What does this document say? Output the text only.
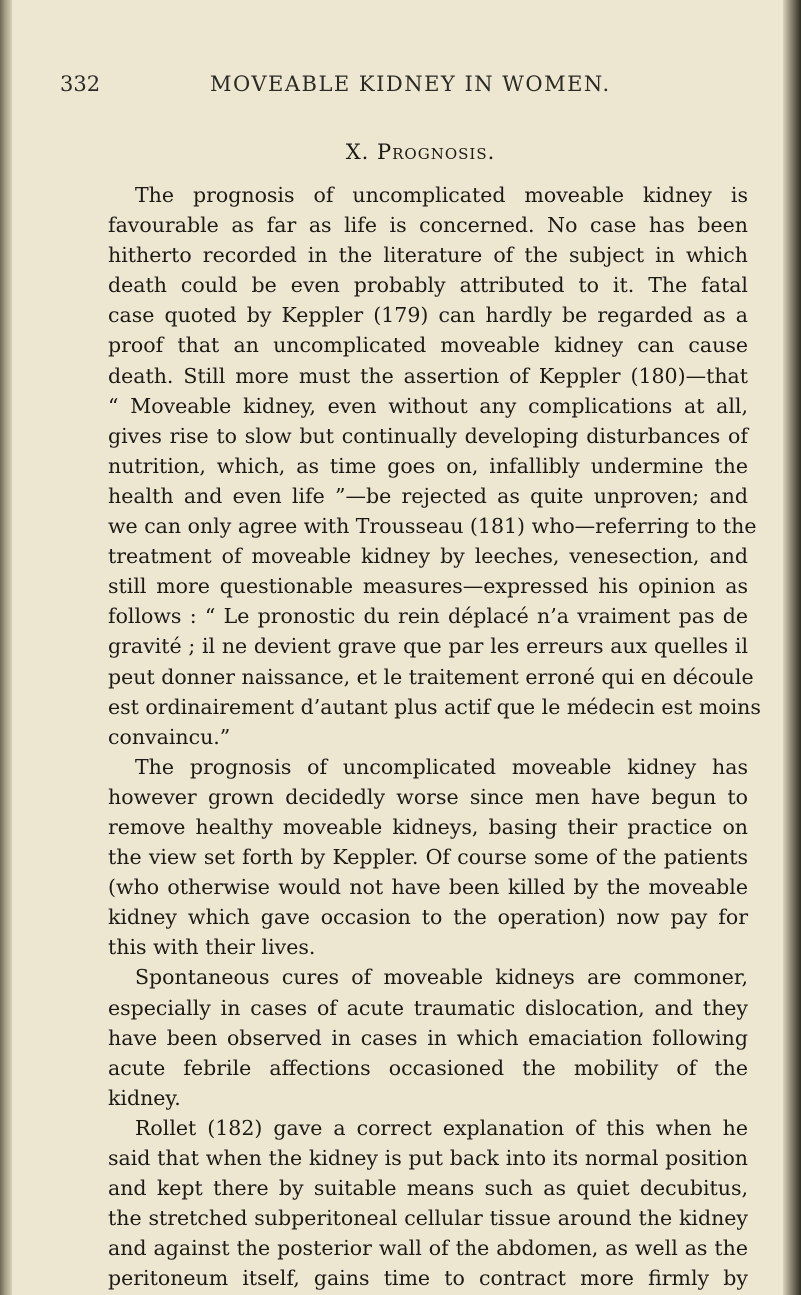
332	MOVEABLE KIDNEY IN WOMEN.
X. Prognosis.
The prognosis of uncomplicated moveable kidney is
favourable as far as life is concerned. No case has been
hitherto recorded in the literature of the subject in which
death could be even probably attributed to it. The fatal
case quoted by Keppler (179) can hardly be regarded as a
proof that an uncomplicated moveable kidney can cause
death. Still more must the assertion of Keppler (180)—that
“ Moveable kidney, even without any complications at all,
gives rise to slow but continually developing disturbances of
nutrition, which, as time goes on, infallibly undermine the
health and even life ”—be rejected as quite unproven; and
we can only agree with Trousseau (181) who—referring to the
treatment of moveable kidney by leeches, venesection, and
still more questionable measures—expressed his opinion as
follows : “ Le pronostic du rein déplacé n’a vraiment pas de
gravité ; il ne devient grave que par les erreurs aux quelles il
peut donner naissance, et le traitement erroné qui en découle
est ordinairement d’autant plus actif que le médecin est moins
convaincu.”
The prognosis of uncomplicated moveable kidney has
however grown decidedly worse since men have begun to
remove healthy moveable kidneys, basing their practice on
the view set forth by Keppler. Of course some of the patients
(who otherwise would not have been killed by the moveable
kidney which gave occasion to the operation) now pay for
this with their lives.
Spontaneous cures of moveable kidneys are commoner,
especially in cases of acute traumatic dislocation, and they
have been observed in cases in which emaciation following
acute febrile affections occasioned the mobility of the
kidney.
Rollet (182) gave a correct explanation of this when he
said that when the kidney is put back into its normal position
and kept there by suitable means such as quiet decubitus,
the stretched subperitoneal cellular tissue around the kidney
and against the posterior wall of the abdomen, as well as the
peritoneum itself, gains time to contract more firmly by
